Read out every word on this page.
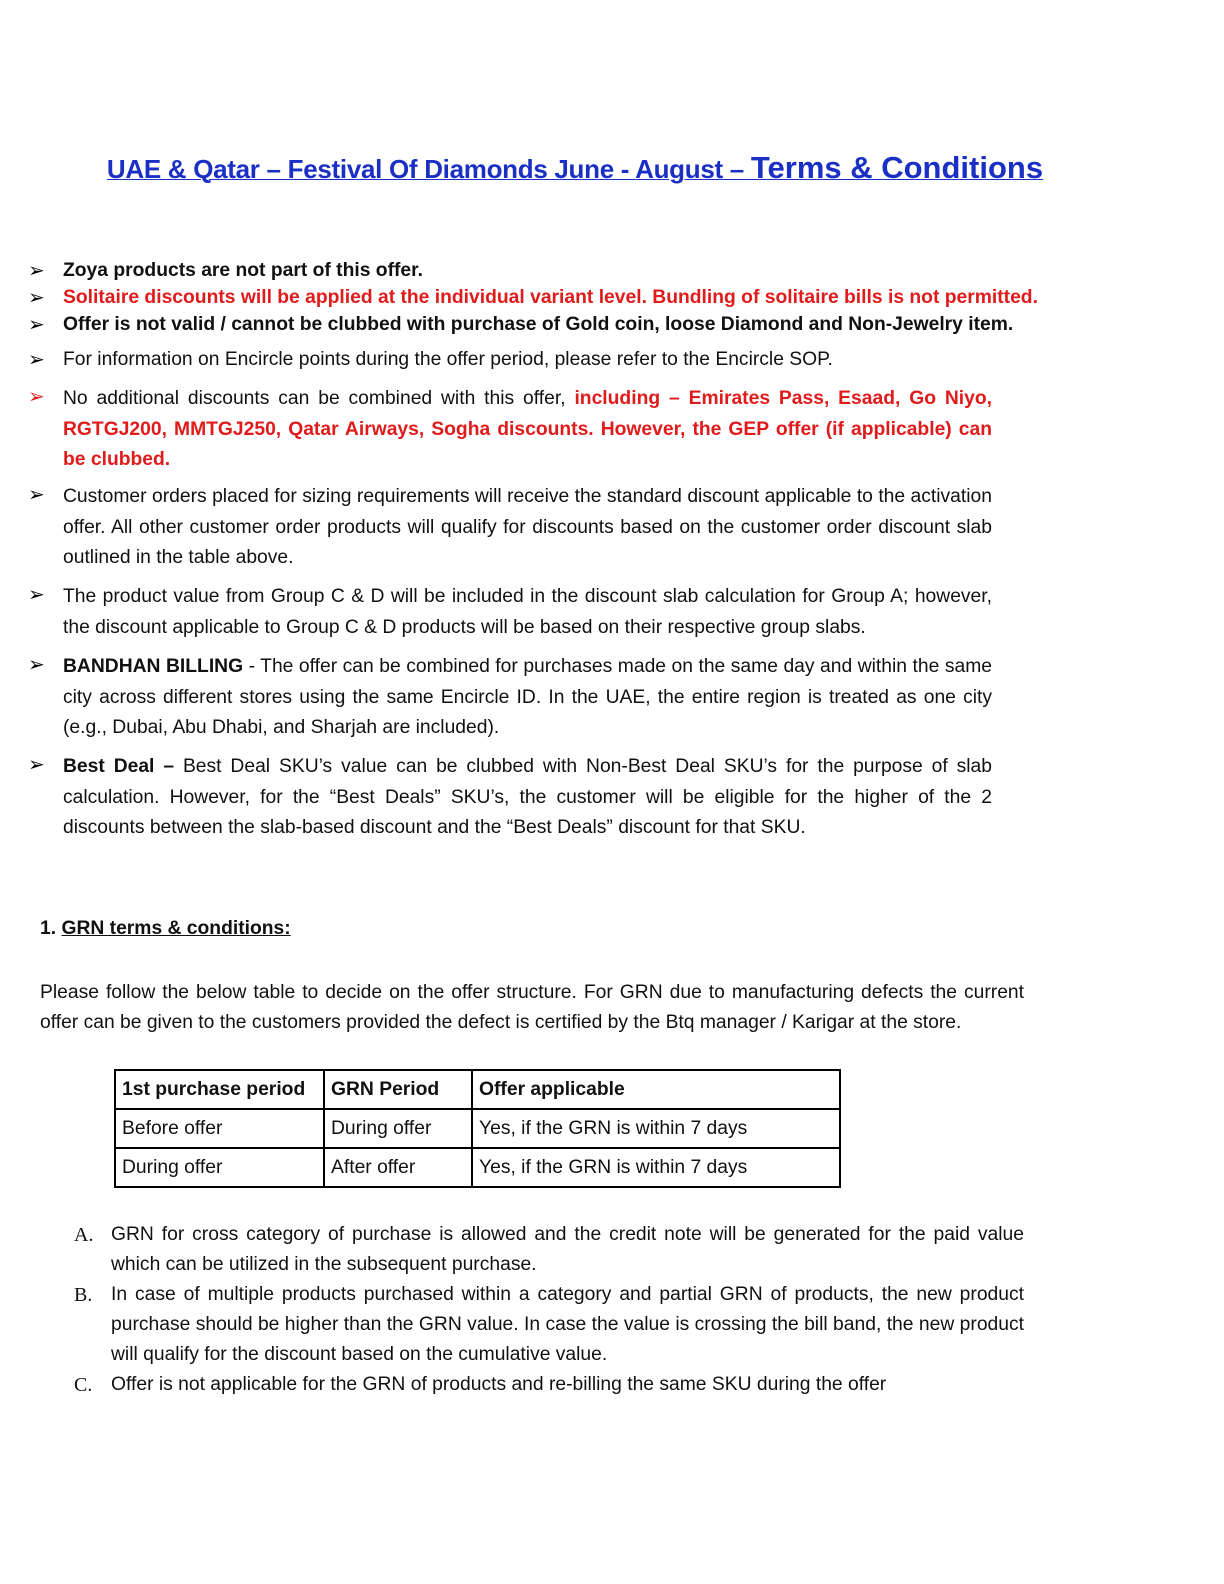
UAE & Qatar – Festival Of Diamonds June - August – Terms & Conditions
➢ Zoya products are not part of this offer.
➢ Solitaire discounts will be applied at the individual variant level. Bundling of solitaire bills is not permitted.
➢ Offer is not valid / cannot be clubbed with purchase of Gold coin, loose Diamond and Non-Jewelry item.
➢ For information on Encircle points during the offer period, please refer to the Encircle SOP.
➢ No additional discounts can be combined with this offer, including – Emirates Pass, Esaad, Go Niyo, RGTGJ200, MMTGJ250, Qatar Airways, Sogha discounts. However, the GEP offer (if applicable) can be clubbed.
➢ Customer orders placed for sizing requirements will receive the standard discount applicable to the activation offer. All other customer order products will qualify for discounts based on the customer order discount slab outlined in the table above.
➢ The product value from Group C & D will be included in the discount slab calculation for Group A; however, the discount applicable to Group C & D products will be based on their respective group slabs.
➢ BANDHAN BILLING - The offer can be combined for purchases made on the same day and within the same city across different stores using the same Encircle ID. In the UAE, the entire region is treated as one city (e.g., Dubai, Abu Dhabi, and Sharjah are included).
➢ Best Deal – Best Deal SKU’s value can be clubbed with Non-Best Deal SKU’s for the purpose of slab calculation. However, for the “Best Deals” SKU’s, the customer will be eligible for the higher of the 2 discounts between the slab-based discount and the “Best Deals” discount for that SKU.
1. GRN terms & conditions:
Please follow the below table to decide on the offer structure. For GRN due to manufacturing defects the current offer can be given to the customers provided the defect is certified by the Btq manager / Karigar at the store.
1st purchase period	GRN Period	Offer applicable
Before offer	During offer	Yes, if the GRN is within 7 days
During offer	After offer	Yes, if the GRN is within 7 days
A. GRN for cross category of purchase is allowed and the credit note will be generated for the paid value which can be utilized in the subsequent purchase.
B. In case of multiple products purchased within a category and partial GRN of products, the new product purchase should be higher than the GRN value. In case the value is crossing the bill band, the new product will qualify for the discount based on the cumulative value.
C. Offer is not applicable for the GRN of products and re-billing the same SKU during the offer
